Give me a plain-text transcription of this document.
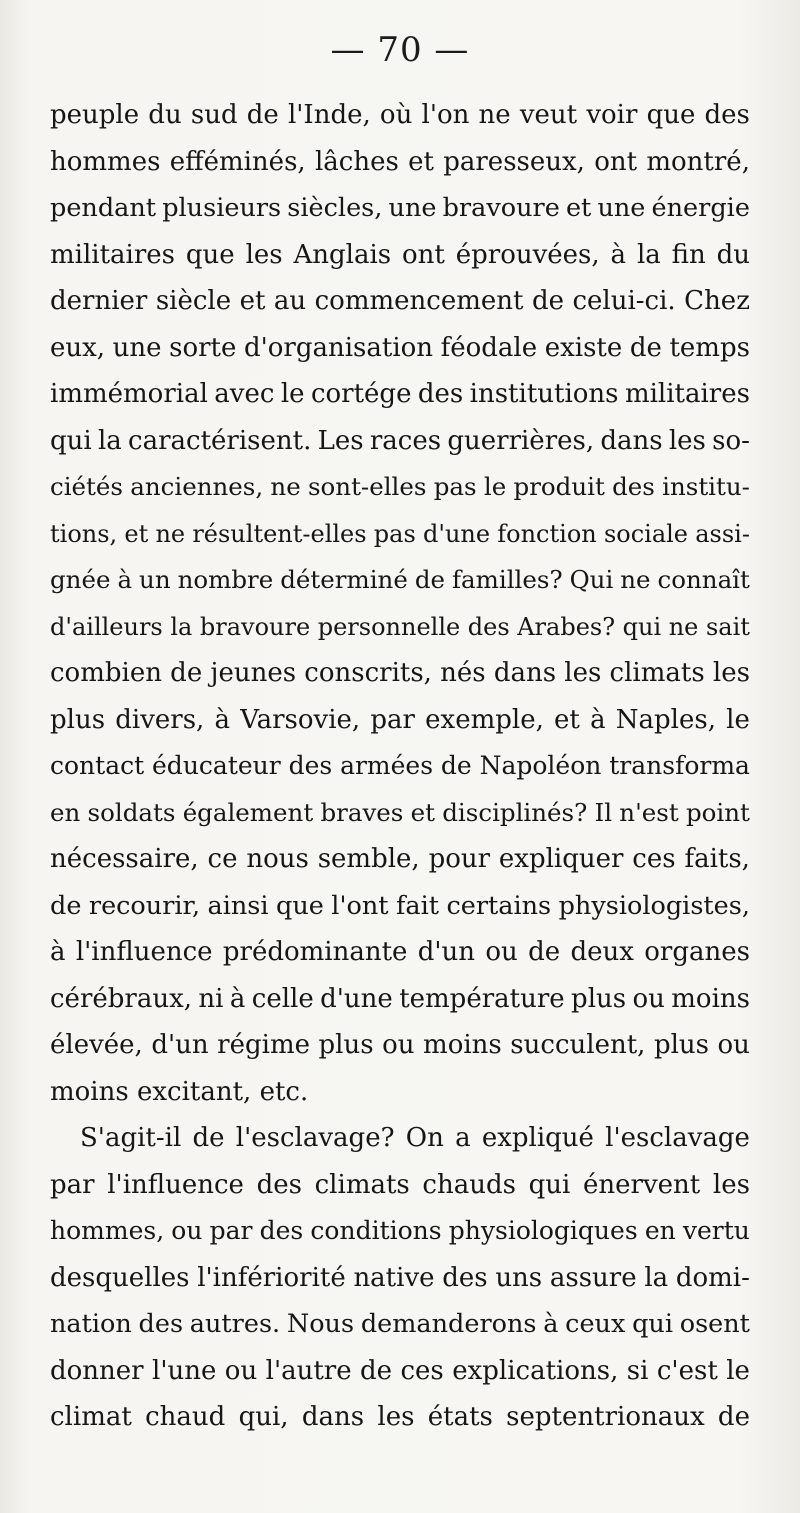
— 70 —
peuple du sud de l'Inde, où l'on ne veut voir que des
hommes efféminés, lâches et paresseux, ont montré,
pendant plusieurs siècles, une bravoure et une énergie
militaires que les Anglais ont éprouvées, à la fin du
dernier siècle et au commencement de celui-ci. Chez
eux, une sorte d'organisation féodale existe de temps
immémorial avec le cortége des institutions militaires
qui la caractérisent. Les races guerrières, dans les so-
ciétés anciennes, ne sont-elles pas le produit des institu-
tions, et ne résultent-elles pas d'une fonction sociale assi-
gnée à un nombre déterminé de familles? Qui ne connaît
d'ailleurs la bravoure personnelle des Arabes? qui ne sait
combien de jeunes conscrits, nés dans les climats les
plus divers, à Varsovie, par exemple, et à Naples, le
contact éducateur des armées de Napoléon transforma
en soldats également braves et disciplinés? Il n'est point
nécessaire, ce nous semble, pour expliquer ces faits,
de recourir, ainsi que l'ont fait certains physiologistes,
à l'influence prédominante d'un ou de deux organes
cérébraux, ni à celle d'une température plus ou moins
élevée, d'un régime plus ou moins succulent, plus ou
moins excitant, etc.
S'agit-il de l'esclavage? On a expliqué l'esclavage
par l'influence des climats chauds qui énervent les
hommes, ou par des conditions physiologiques en vertu
desquelles l'infériorité native des uns assure la domi-
nation des autres. Nous demanderons à ceux qui osent
donner l'une ou l'autre de ces explications, si c'est le
climat chaud qui, dans les états septentrionaux de
